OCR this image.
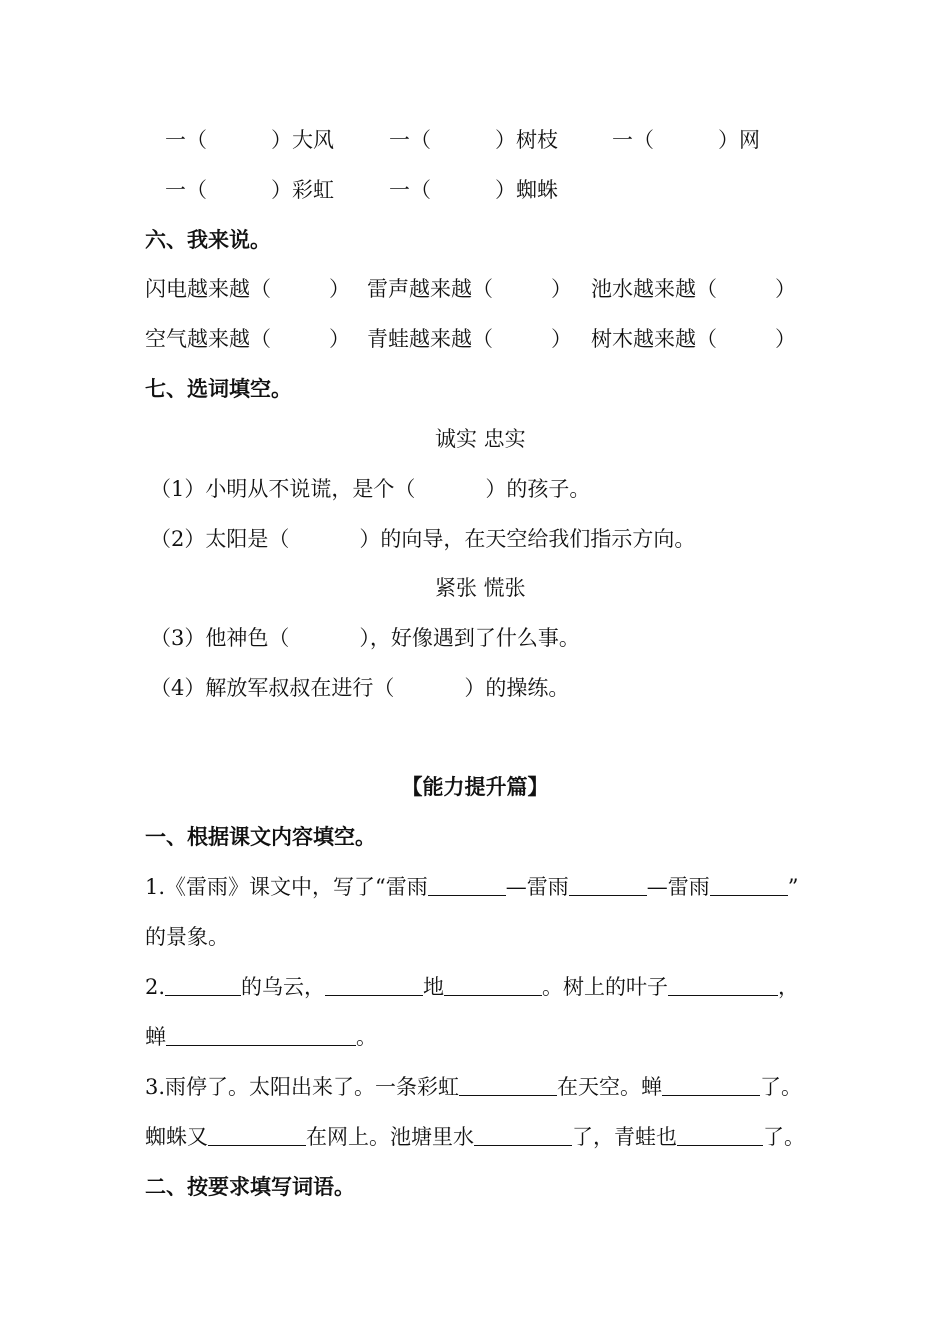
一（	）大风	一（	）树枝	一（	）网
一（	）彩虹	一（	）蜘蛛
六、我来说。
闪电越来越（	） 雷声越来越（	） 池水越来越（	）
空气越来越（	） 青蛙越来越（	） 树木越来越（	）
七、选词填空。
诚实 忠实
（1）小明从不说谎，是个（	）的孩子。
（2）太阳是（	）的向导，在天空给我们指示方向。
紧张 慌张
（3）他神色（	），好像遇到了什么事。
（4）解放军叔叔在进行（	）的操练。
【能力提升篇】
一、根据课文内容填空。
1.《雷雨》课文中，写了“雷雨	—雷雨	—雷雨	”
的景象。
2.	的乌云，	地	。树上的叶子	，
蝉	。
3.雨停了。太阳出来了。一条彩虹	在天空。蝉	了。
蜘蛛又	在网上。池塘里水	了，青蛙也	了。
二、按要求填写词语。
